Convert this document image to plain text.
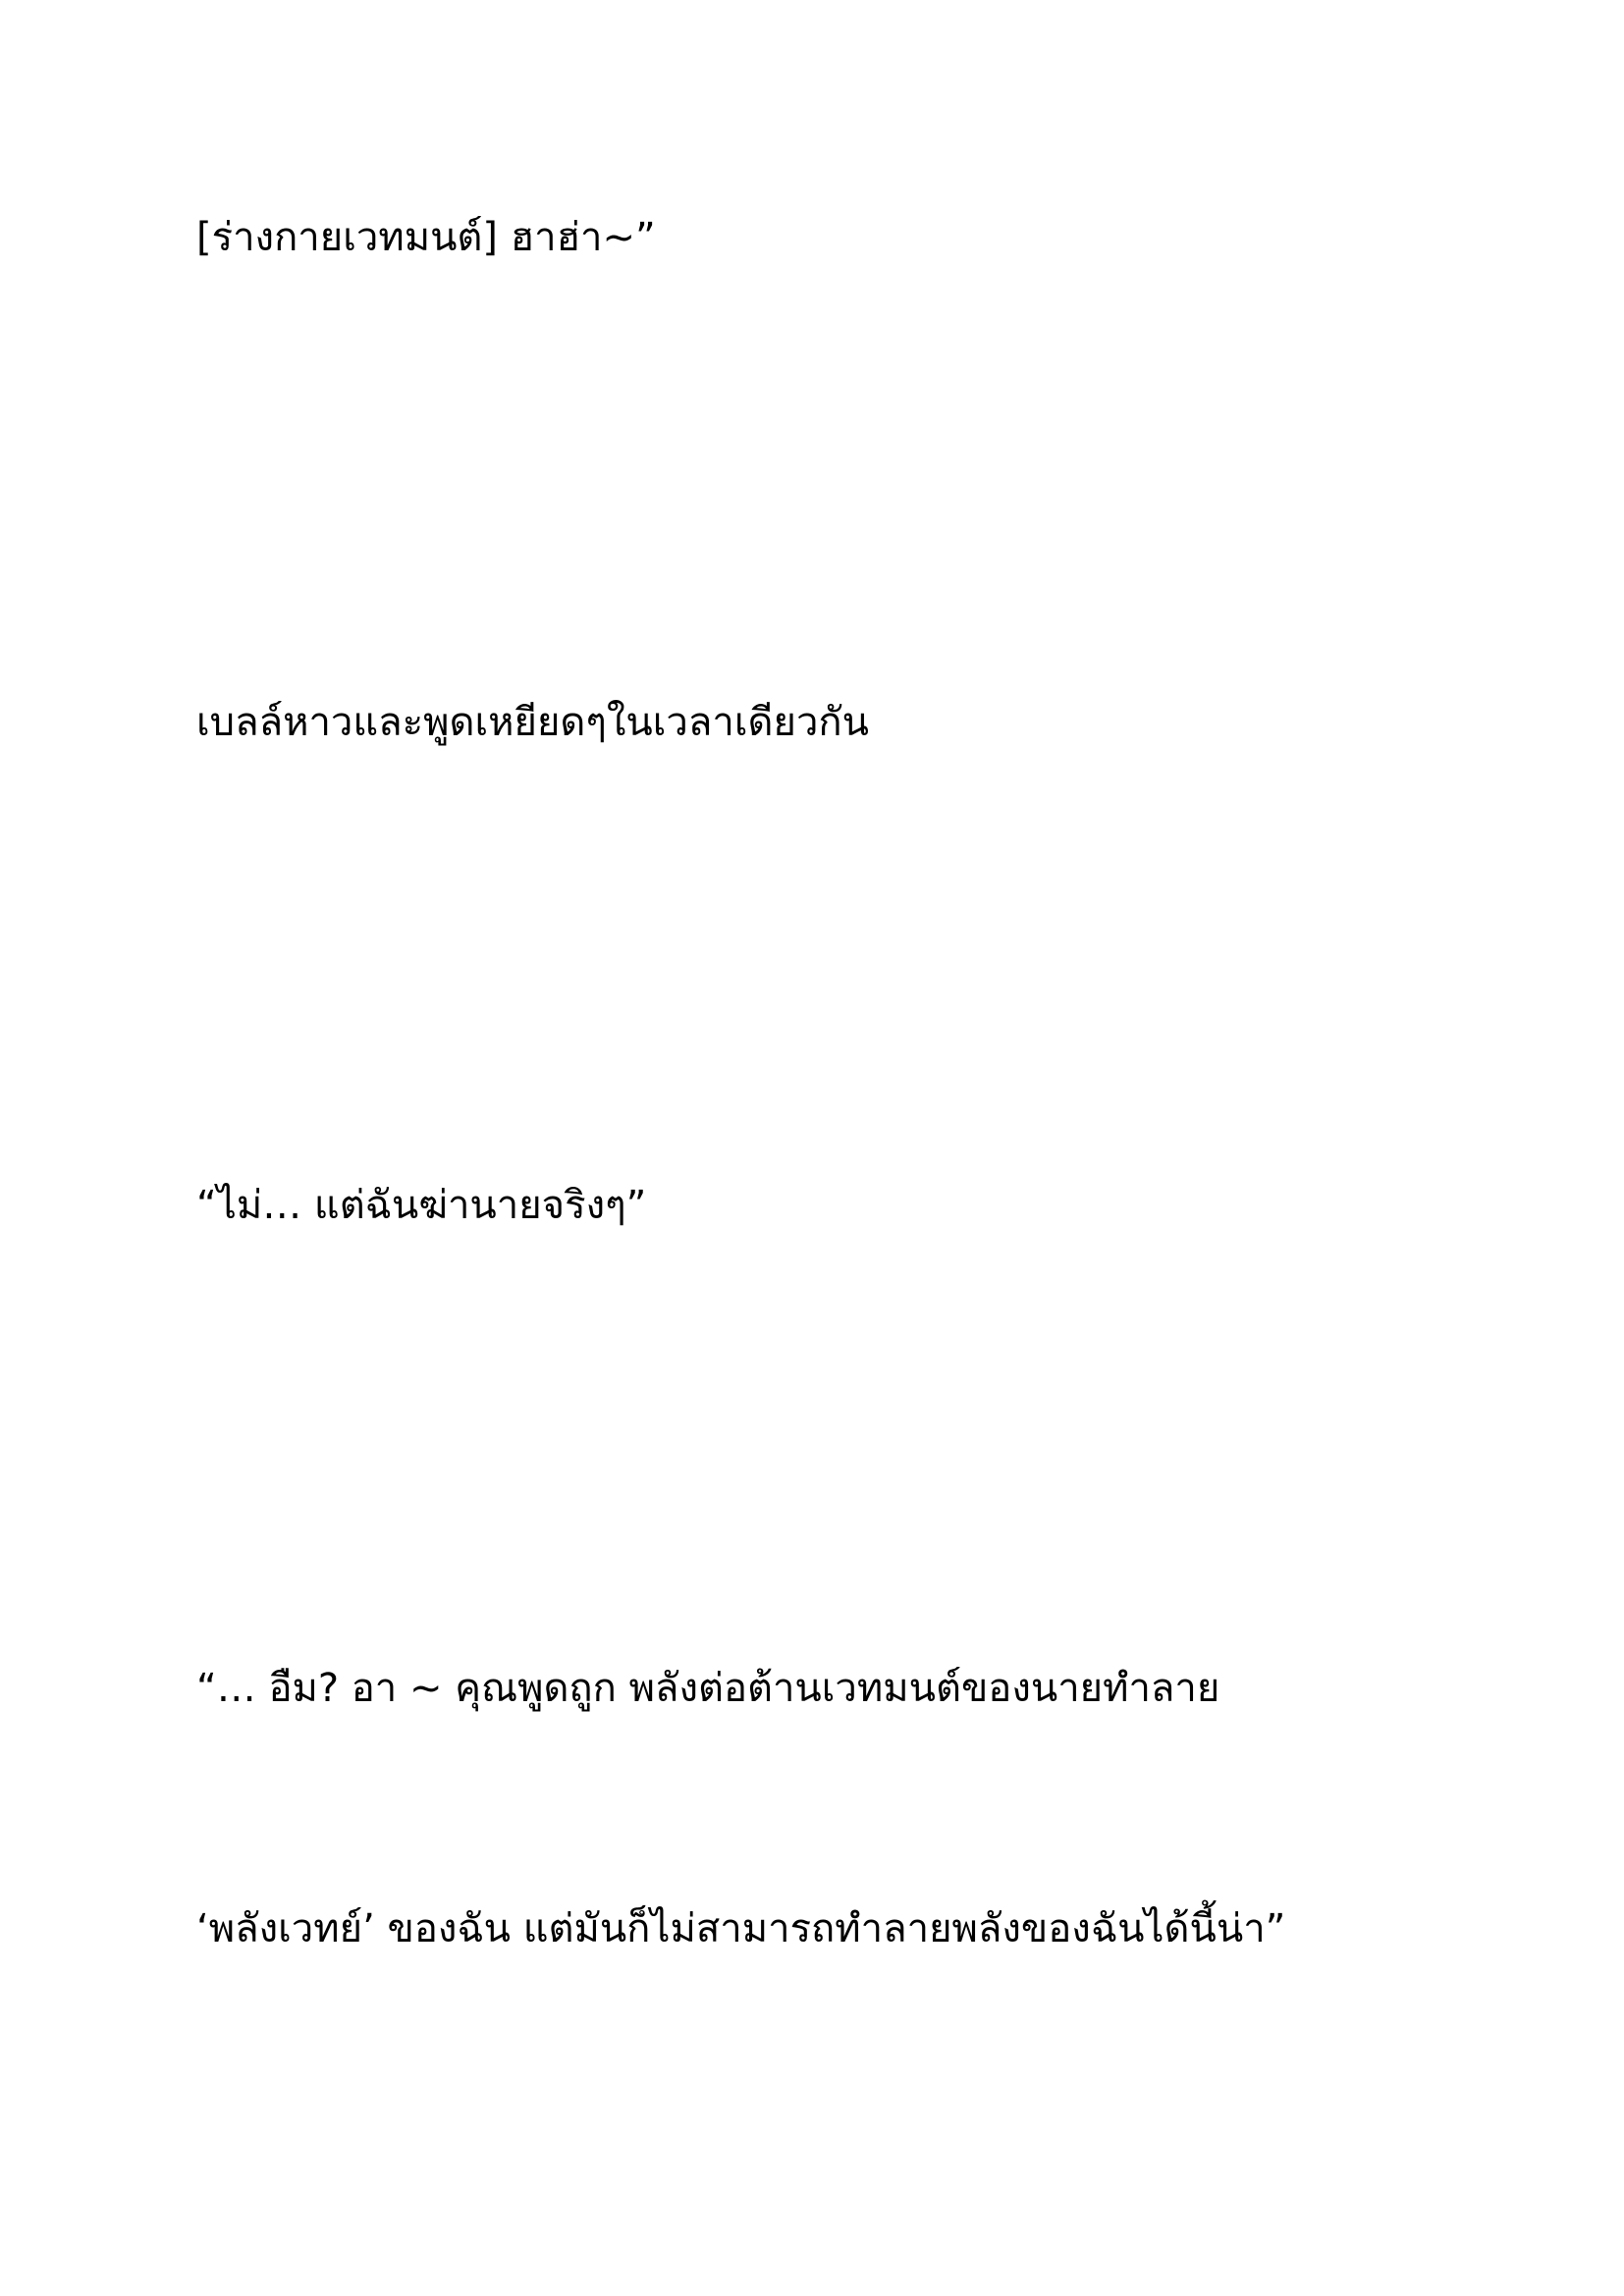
[ร่างกายเวทมนต์] ฮาฮ่า~”

เบลล์หาวและพูดเหยียดๆในเวลาเดียวกัน

“ไม่… แต่ฉันฆ่านายจริงๆ”

“… อืม? อา ~ คุณพูดถูก พลังต่อต้านเวทมนต์ของนายทำลาย

‘พลังเวทย์’ ของฉัน แต่มันก็ไม่สามารถทำลายพลังของฉันได้นี้น่า”
